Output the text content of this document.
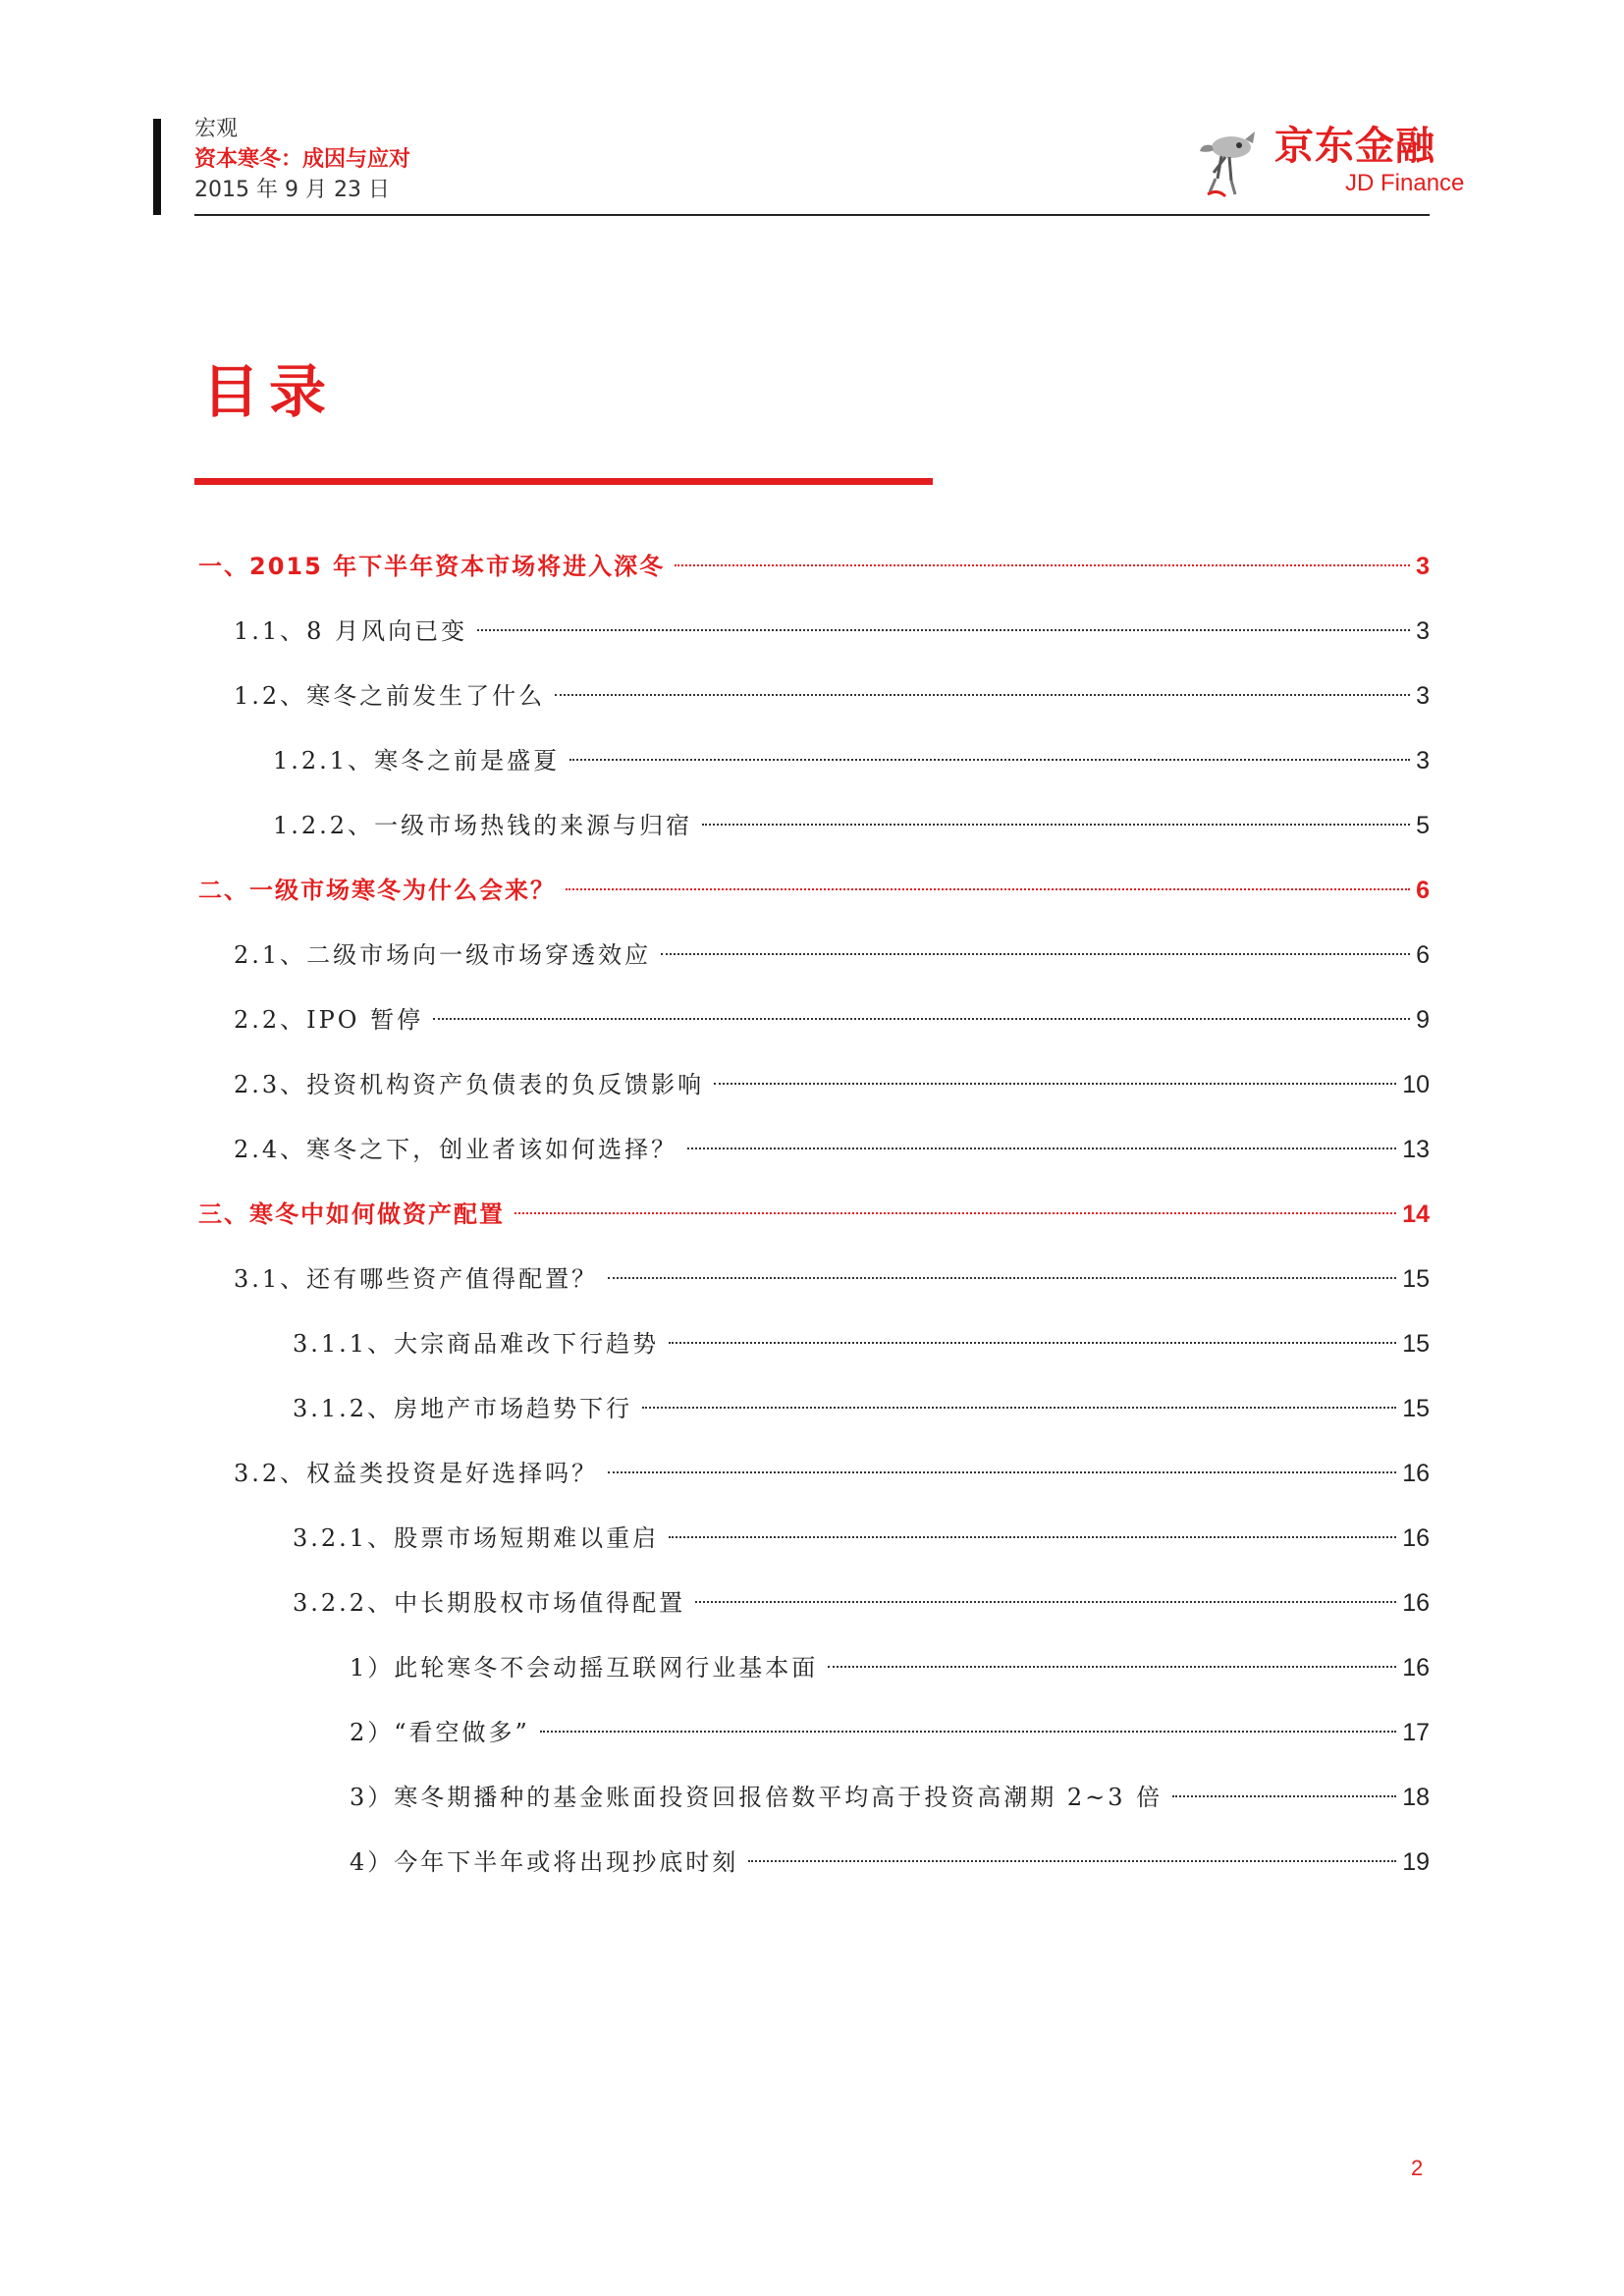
宏观
资本寒冬：成因与应对
2015 年 9 月 23 日
京东金融
JD Finance
目录
一、2015 年下半年资本市场将进入深冬	3
1.1、8 月风向已变	3
1.2、寒冬之前发生了什么	3
1.2.1、寒冬之前是盛夏	3
1.2.2、一级市场热钱的来源与归宿	5
二、一级市场寒冬为什么会来？	6
2.1、二级市场向一级市场穿透效应	6
2.2、IPO 暂停	9
2.3、投资机构资产负债表的负反馈影响	10
2.4、寒冬之下，创业者该如何选择？	13
三、寒冬中如何做资产配置	14
3.1、还有哪些资产值得配置？	15
3.1.1、大宗商品难改下行趋势	15
3.1.2、房地产市场趋势下行	15
3.2、权益类投资是好选择吗？	16
3.2.1、股票市场短期难以重启	16
3.2.2、中长期股权市场值得配置	16
1）此轮寒冬不会动摇互联网行业基本面	16
2）“看空做多”	17
3）寒冬期播种的基金账面投资回报倍数平均高于投资高潮期 2~3 倍	18
4）今年下半年或将出现抄底时刻	19
2
